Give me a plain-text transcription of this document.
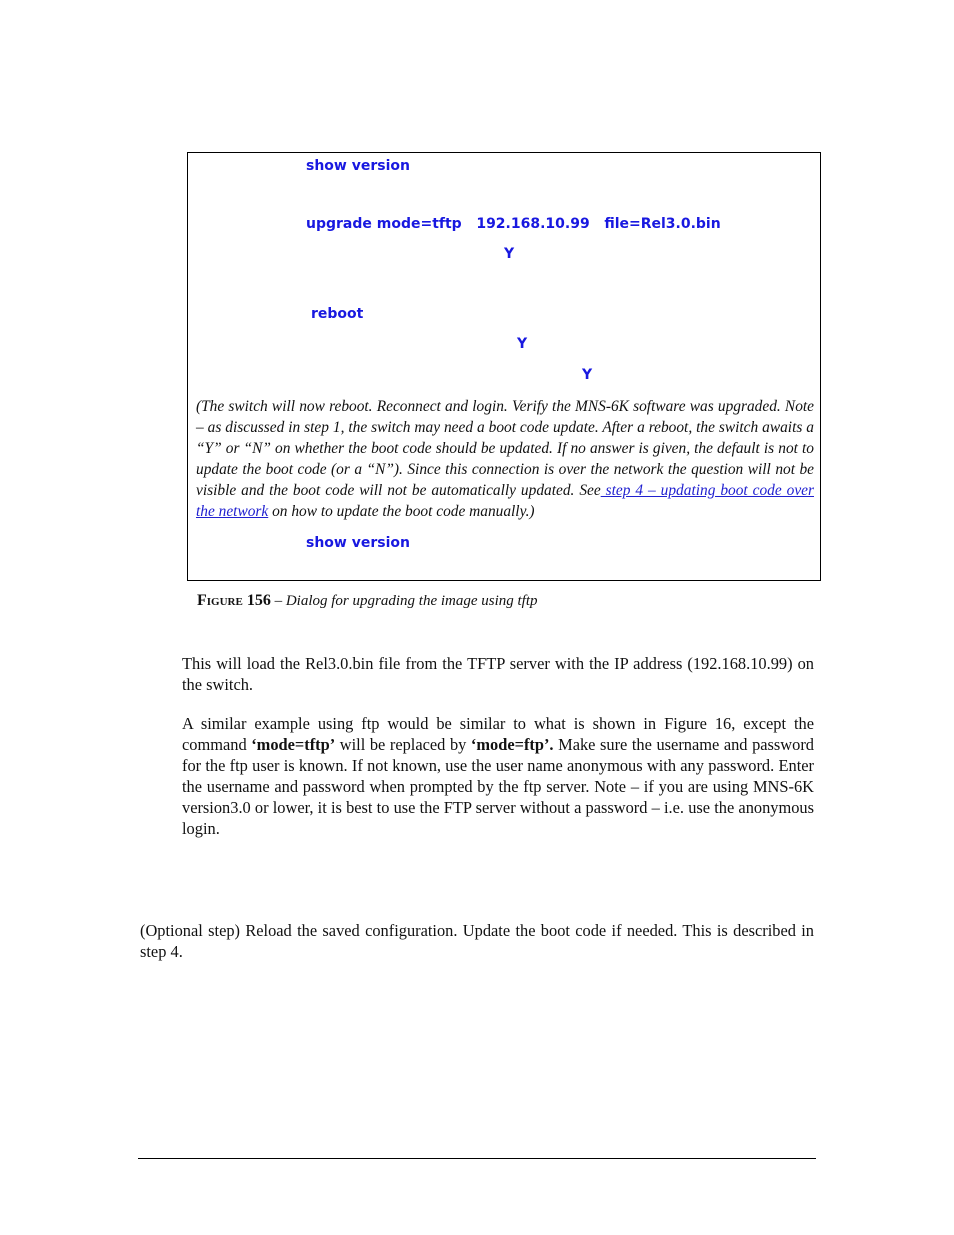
show version
upgrade mode=tftp   192.168.10.99   file=Rel3.0.bin
Y
reboot
Y
Y
(The switch will now reboot. Reconnect and login. Verify the MNS-6K software was upgraded. Note – as discussed in step 1, the switch may need a boot code update. After a reboot, the switch awaits a “Y” or “N” on whether the boot code should be updated. If no answer is given, the default is not to update the boot code (or a “N”). Since this connection is over the network the question will not be visible and the boot code will not be automatically updated. See step 4 – updating boot code over the network on how to update the boot code manually.)
show version
Figure 156 – Dialog for upgrading the image using tftp
This will load the Rel3.0.bin file from the TFTP server with the IP address (192.168.10.99) on the switch.
A similar example using ftp would be similar to what is shown in Figure 16, except the command ‘mode=tftp’ will be replaced by ‘mode=ftp’. Make sure the username and password for the ftp user is known. If not known, use the user name anonymous with any password. Enter the username and password when prompted by the ftp server. Note – if you are using MNS-6K version3.0 or lower, it is best to use the FTP server without a password – i.e. use the anonymous login.
(Optional step) Reload the saved configuration. Update the boot code if needed. This is described in step 4.
